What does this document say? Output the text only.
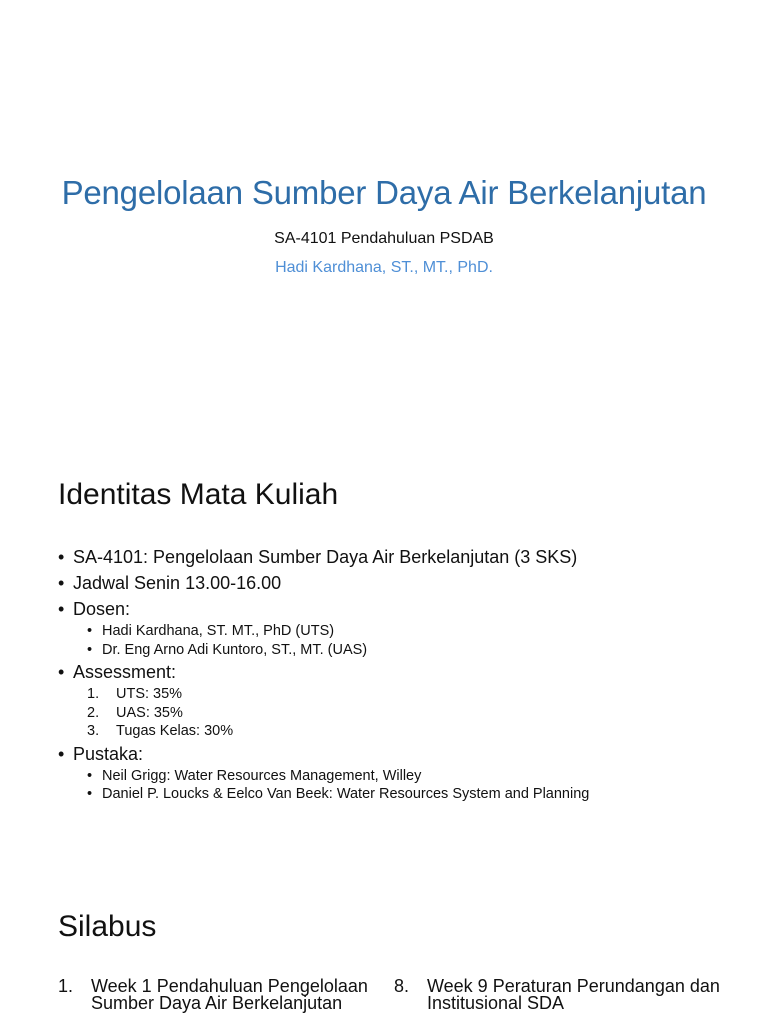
Pengelolaan Sumber Daya Air Berkelanjutan
SA-4101 Pendahuluan PSDAB
Hadi Kardhana, ST., MT., PhD.
Identitas Mata Kuliah
• SA-4101: Pengelolaan Sumber Daya Air Berkelanjutan (3 SKS)
• Jadwal Senin 13.00-16.00
• Dosen:
• Hadi Kardhana, ST. MT., PhD (UTS)
• Dr. Eng Arno Adi Kuntoro, ST., MT. (UAS)
• Assessment:
1. UTS: 35%
2. UAS: 35%
3. Tugas Kelas: 30%
• Pustaka:
• Neil Grigg: Water Resources Management, Willey
• Daniel P. Loucks & Eelco Van Beek: Water Resources System and Planning
Silabus
1. Week 1 Pendahuluan Pengelolaan Sumber Daya Air Berkelanjutan
8. Week 9 Peraturan Perundangan dan Institusional SDA
